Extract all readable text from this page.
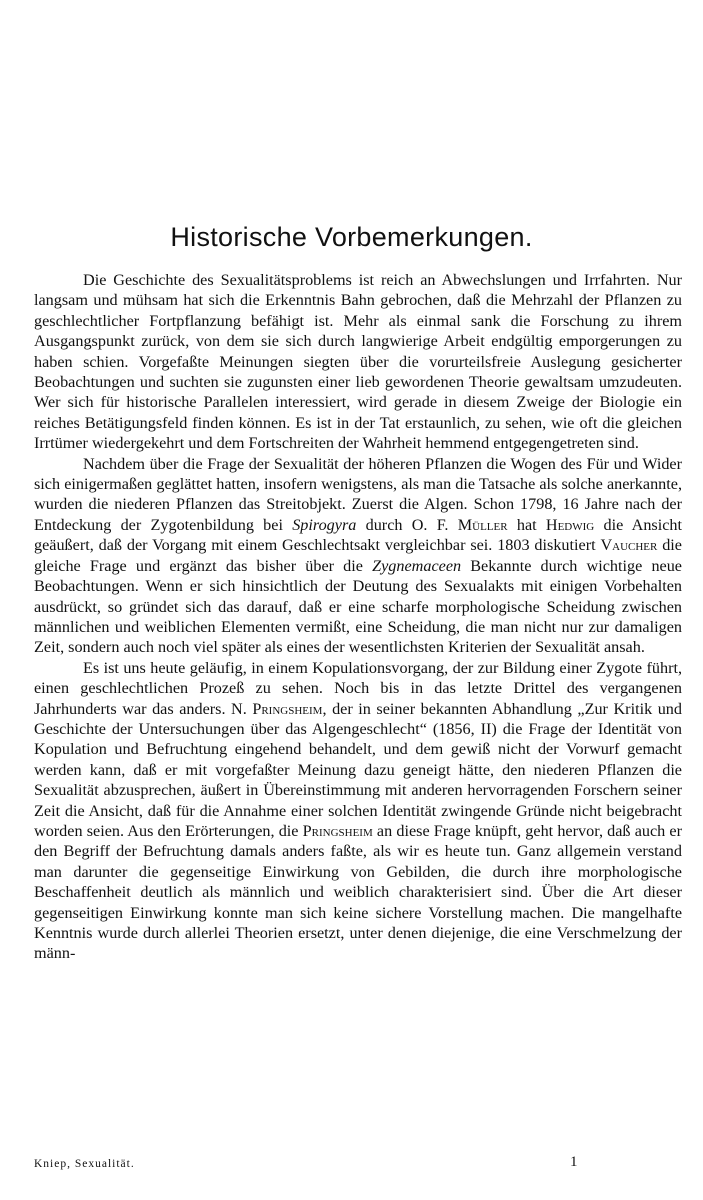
Historische Vorbemerkungen.

Die Geschichte des Sexualitätsproblems ist reich an Abwechslungen und Irrfahrten. Nur langsam und mühsam hat sich die Erkenntnis Bahn gebrochen, daß die Mehrzahl der Pflanzen zu geschlechtlicher Fortpflanzung befähigt ist. Mehr als einmal sank die Forschung zu ihrem Ausgangspunkt zurück, von dem sie sich durch langwierige Arbeit endgültig emporgerungen zu haben schien. Vorgefaßte Meinungen siegten über die vorurteilsfreie Auslegung gesicherter Beobachtungen und suchten sie zugunsten einer lieb gewordenen Theorie gewaltsam umzudeuten. Wer sich für historische Parallelen interessiert, wird gerade in diesem Zweige der Biologie ein reiches Betätigungsfeld finden können. Es ist in der Tat erstaunlich, zu sehen, wie oft die gleichen Irrtümer wiedergekehrt und dem Fortschreiten der Wahrheit hemmend entgegengetreten sind.

Nachdem über die Frage der Sexualität der höheren Pflanzen die Wogen des Für und Wider sich einigermaßen geglättet hatten, insofern wenigstens, als man die Tatsache als solche anerkannte, wurden die niederen Pflanzen das Streitobjekt. Zuerst die Algen. Schon 1798, 16 Jahre nach der Entdeckung der Zygotenbildung bei Spirogyra durch O. F. Müller hat Hedwig die Ansicht geäußert, daß der Vorgang mit einem Geschlechtsakt vergleichbar sei. 1803 diskutiert Vaucher die gleiche Frage und ergänzt das bisher über die Zygnemaceen Bekannte durch wichtige neue Beobachtungen. Wenn er sich hinsichtlich der Deutung des Sexualakts mit einigen Vorbehalten ausdrückt, so gründet sich das darauf, daß er eine scharfe morphologische Scheidung zwischen männlichen und weiblichen Elementen vermißt, eine Scheidung, die man nicht nur zur damaligen Zeit, sondern auch noch viel später als eines der wesentlichsten Kriterien der Sexualität ansah.

Es ist uns heute geläufig, in einem Kopulationsvorgang, der zur Bildung einer Zygote führt, einen geschlechtlichen Prozeß zu sehen. Noch bis in das letzte Drittel des vergangenen Jahrhunderts war das anders. N. Pringsheim, der in seiner bekannten Abhandlung „Zur Kritik und Geschichte der Untersuchungen über das Algengeschlecht“ (1856, II) die Frage der Identität von Kopulation und Befruchtung eingehend behandelt, und dem gewiß nicht der Vorwurf gemacht werden kann, daß er mit vorgefaßter Meinung dazu geneigt hätte, den niederen Pflanzen die Sexualität abzusprechen, äußert in Übereinstimmung mit anderen hervorragenden Forschern seiner Zeit die Ansicht, daß für die Annahme einer solchen Identität zwingende Gründe nicht beigebracht worden seien. Aus den Erörterungen, die Pringsheim an diese Frage knüpft, geht hervor, daß auch er den Begriff der Befruchtung damals anders faßte, als wir es heute tun. Ganz allgemein verstand man darunter die gegenseitige Einwirkung von Gebilden, die durch ihre morphologische Beschaffenheit deutlich als männlich und weiblich charakterisiert sind. Über die Art dieser gegenseitigen Einwirkung konnte man sich keine sichere Vorstellung machen. Die mangelhafte Kenntnis wurde durch allerlei Theorien ersetzt, unter denen diejenige, die eine Verschmelzung der männ-

Kniep, Sexualität.	1
